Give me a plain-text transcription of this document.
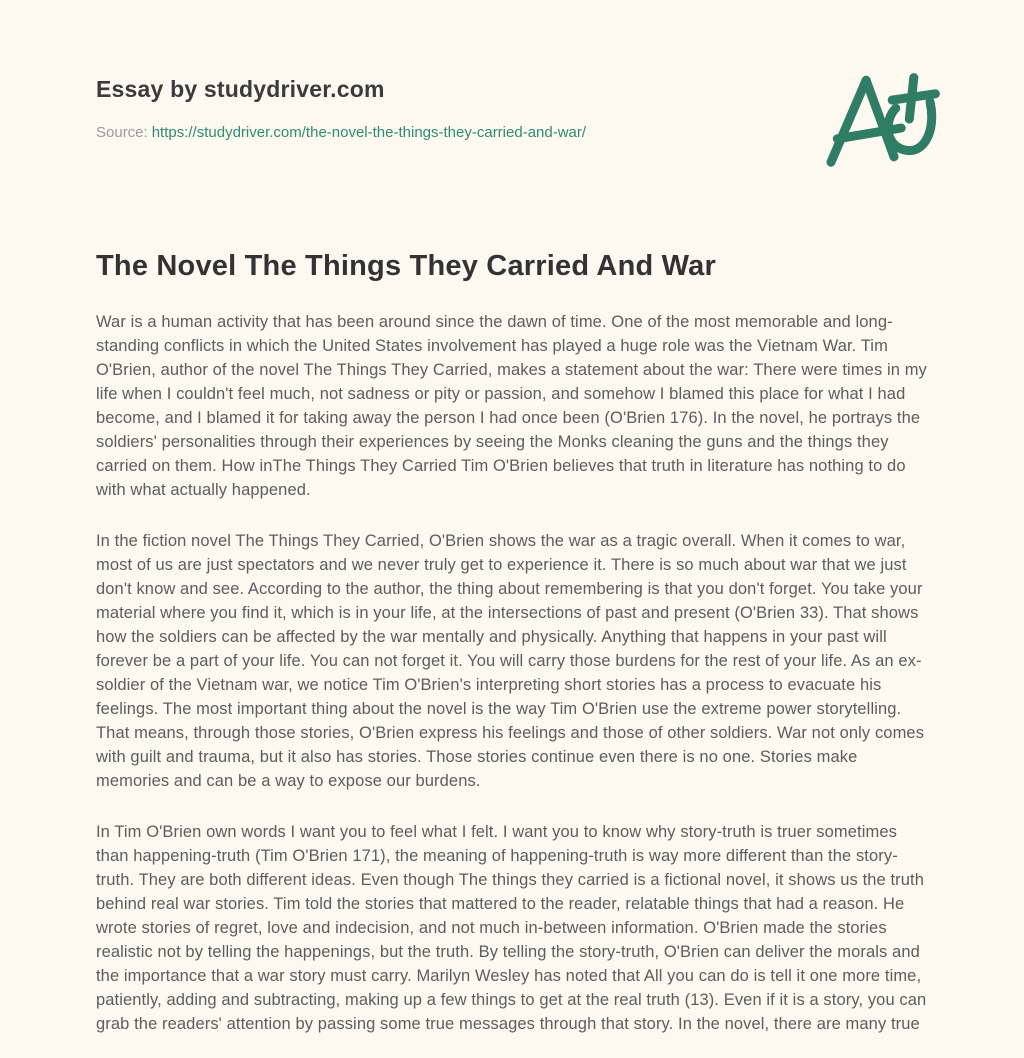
Essay by studydriver.com
Source: https://studydriver.com/the-novel-the-things-they-carried-and-war/
The Novel The Things They Carried And War

War is a human activity that has been around since the dawn of time. One of the most memorable and long-standing conflicts in which the United States involvement has played a huge role was the Vietnam War. Tim O'Brien, author of the novel The Things They Carried, makes a statement about the war: There were times in my life when I couldn't feel much, not sadness or pity or passion, and somehow I blamed this place for what I had become, and I blamed it for taking away the person I had once been (O'Brien 176). In the novel, he portrays the soldiers' personalities through their experiences by seeing the Monks cleaning the guns and the things they carried on them. How inThe Things They Carried Tim O'Brien believes that truth in literature has nothing to do with what actually happened.

In the fiction novel The Things They Carried, O'Brien shows the war as a tragic overall. When it comes to war, most of us are just spectators and we never truly get to experience it. There is so much about war that we just don't know and see. According to the author, the thing about remembering is that you don't forget. You take your material where you find it, which is in your life, at the intersections of past and present (O'Brien 33). That shows how the soldiers can be affected by the war mentally and physically. Anything that happens in your past will forever be a part of your life. You can not forget it. You will carry those burdens for the rest of your life. As an ex-soldier of the Vietnam war, we notice Tim O'Brien's interpreting short stories has a process to evacuate his feelings. The most important thing about the novel is the way Tim O'Brien use the extreme power storytelling. That means, through those stories, O'Brien express his feelings and those of other soldiers. War not only comes with guilt and trauma, but it also has stories. Those stories continue even there is no one. Stories make memories and can be a way to expose our burdens.

In Tim O'Brien own words I want you to feel what I felt. I want you to know why story-truth is truer sometimes than happening-truth (Tim O'Brien 171), the meaning of happening-truth is way more different than the story-truth. They are both different ideas. Even though The things they carried is a fictional novel, it shows us the truth behind real war stories. Tim told the stories that mattered to the reader, relatable things that had a reason. He wrote stories of regret, love and indecision, and not much in-between information. O'Brien made the stories realistic not by telling the happenings, but the truth. By telling the story-truth, O'Brien can deliver the morals and the importance that a war story must carry. Marilyn Wesley has noted that All you can do is tell it one more time, patiently, adding and subtracting, making up a few things to get at the real truth (13). Even if it is a story, you can grab the readers' attention by passing some true messages through that story. In the novel, there are many true
